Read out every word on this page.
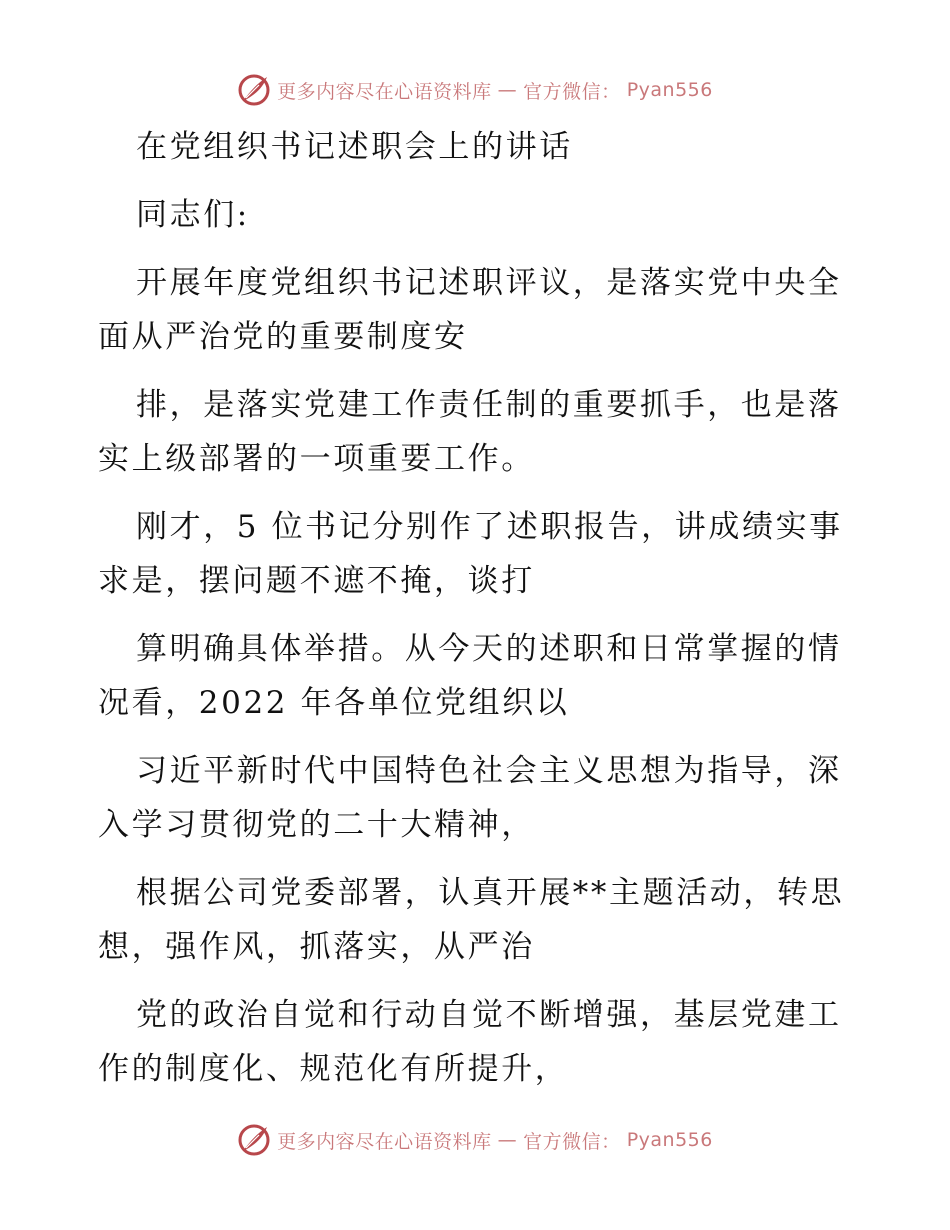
更多内容尽在心语资料库 — 官方微信： Pyan556
在党组织书记述职会上的讲话
同志们:
开展年度党组织书记述职评议，是落实党中央全
面从严治党的重要制度安
排，是落实党建工作责任制的重要抓手，也是落
实上级部署的一项重要工作。
刚才，5 位书记分别作了述职报告，讲成绩实事
求是，摆问题不遮不掩，谈打
算明确具体举措。从今天的述职和日常掌握的情
况看，2022 年各单位党组织以
习近平新时代中国特色社会主义思想为指导，深
入学习贯彻党的二十大精神，
根据公司党委部署，认真开展**主题活动，转思
想，强作风，抓落实，从严治
党的政治自觉和行动自觉不断增强，基层党建工
作的制度化、规范化有所提升，
更多内容尽在心语资料库 — 官方微信： Pyan556
